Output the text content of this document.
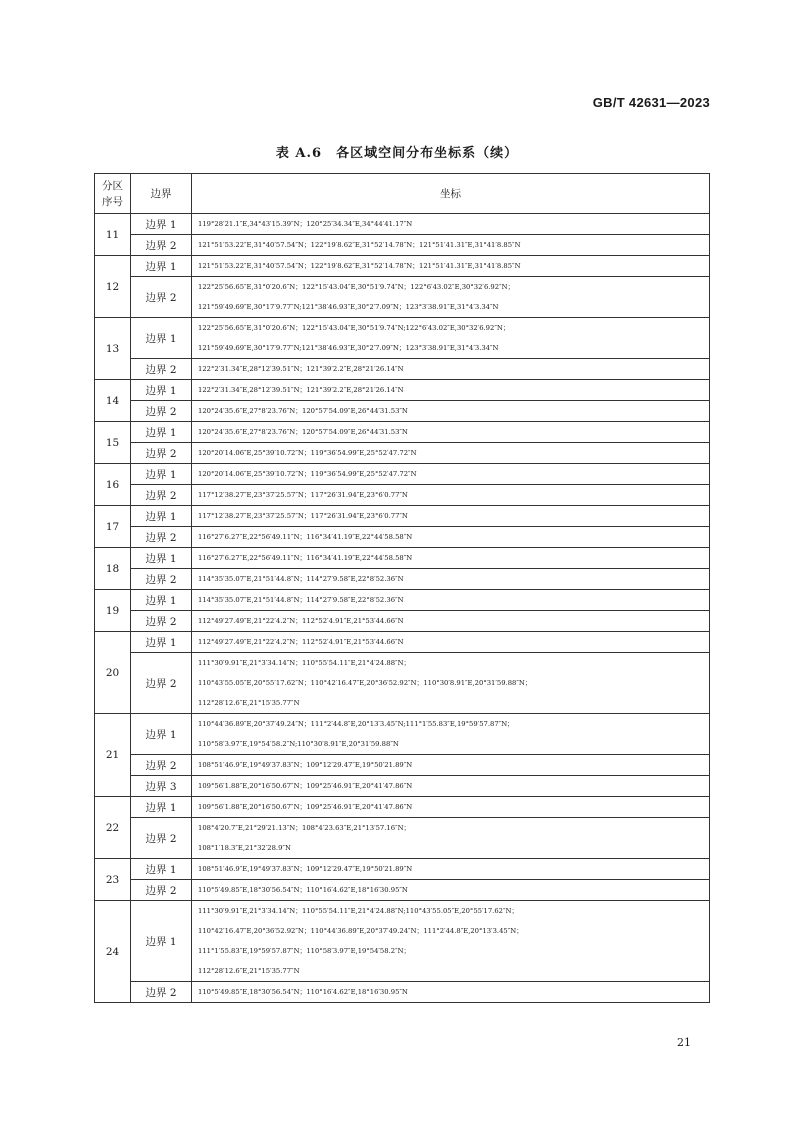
GB/T 42631—2023
表 A.6　各区域空间分布坐标系（续）
分区序号	边界	坐标
11	边界 1	119°28′21.1″E,34°43′15.39″N；120°25′34.34″E,34°44′41.17″N

	边界 2	121°51′53.22″E,31°40′57.54″N；122°19′8.62″E,31°52′14.78″N；121°51′41.31″E,31°41′8.85″N

12	边界 1	121°51′53.22″E,31°40′57.54″N；122°19′8.62″E,31°52′14.78″N；121°51′41.31″E,31°41′8.85″N

	边界 2	122°25′56.65″E,31°0′20.6″N；122°15′43.04″E,30°51′9.74″N；122°6′43.02″E,30°32′6.92″N；
121°59′49.69″E,30°17′9.77″N;121°38′46.93″E,30°2′7.09″N；123°3′38.91″E,31°4′3.34″N

13	边界 1	122°25′56.65″E,31°0′20.6″N；122°15′43.04″E,30°51′9.74″N;122°6′43.02″E,30°32′6.92″N；
121°59′49.69″E,30°17′9.77″N;121°38′46.93″E,30°2′7.09″N；123°3′38.91″E,31°4′3.34″N

	边界 2	122°2′31.34″E,28°12′39.51″N；121°39′2.2″E,28°21′26.14″N

14	边界 1	122°2′31.34″E,28°12′39.51″N；121°39′2.2″E,28°21′26.14″N

	边界 2	120°24′35.6″E,27°8′23.76″N；120°57′54.09″E,26°44′31.53″N

15	边界 1	120°24′35.6″E,27°8′23.76″N；120°57′54.09″E,26°44′31.53″N

	边界 2	120°20′14.06″E,25°39′10.72″N；119°36′54.99″E,25°52′47.72″N

16	边界 1	120°20′14.06″E,25°39′10.72″N；119°36′54.99″E,25°52′47.72″N

	边界 2	117°12′38.27″E,23°37′25.57″N；117°26′31.94″E,23°6′0.77″N

17	边界 1	117°12′38.27″E,23°37′25.57″N；117°26′31.94″E,23°6′0.77″N

	边界 2	116°27′6.27″E,22°56′49.11″N；116°34′41.19″E,22°44′58.58″N

18	边界 1	116°27′6.27″E,22°56′49.11″N；116°34′41.19″E,22°44′58.58″N

	边界 2	114°35′35.07″E,21°51′44.8″N；114°27′9.58″E,22°8′52.36″N

19	边界 1	114°35′35.07″E,21°51′44.8″N；114°27′9.58″E,22°8′52.36″N

	边界 2	112°49′27.49″E,21°22′4.2″N；112°52′4.91″E,21°53′44.66″N

20	边界 1	112°49′27.49″E,21°22′4.2″N；112°52′4.91″E,21°53′44.66″N

	边界 2	111°30′9.91″E,21°3′34.14″N；110°55′54.11″E,21°4′24.88″N；
110°43′55.05″E,20°55′17.62″N；110°42′16.47″E,20°36′52.92″N；110°30′8.91″E,20°31′59.88″N；
112°28′12.6″E,21°15′35.77″N

21	边界 1	110°44′36.89″E,20°37′49.24″N；111°2′44.8″E,20°13′3.45″N;111°1′55.83″E,19°59′57.87″N；
110°58′3.97″E,19°54′58.2″N;110°30′8.91″E,20°31′59.88″N

	边界 2	108°51′46.9″E,19°49′37.83″N；109°12′29.47″E,19°50′21.89″N

	边界 3	109°56′1.88″E,20°16′50.67″N；109°25′46.91″E,20°41′47.86″N

22	边界 1	109°56′1.88″E,20°16′50.67″N；109°25′46.91″E,20°41′47.86″N

	边界 2	108°4′20.7″E,21°29′21.13″N；108°4′23.63″E,21°13′57.16″N；
108°1′18.3″E,21°32′28.9″N

23	边界 1	108°51′46.9″E,19°49′37.83″N；109°12′29.47″E,19°50′21.89″N

	边界 2	110°5′49.85″E,18°30′56.54″N；110°16′4.62″E,18°16′30.95″N

24	边界 1	111°30′9.91″E,21°3′34.14″N；110°55′54.11″E,21°4′24.88″N;110°43′55.05″E,20°55′17.62″N；
110°42′16.47″E,20°36′52.92″N；110°44′36.89″E,20°37′49.24″N；111°2′44.8″E,20°13′3.45″N；
111°1′55.83″E,19°59′57.87″N；110°58′3.97″E,19°54′58.2″N；
112°28′12.6″E,21°15′35.77″N

	边界 2	110°5′49.85″E,18°30′56.54″N；110°16′4.62″E,18°16′30.95″N
21
